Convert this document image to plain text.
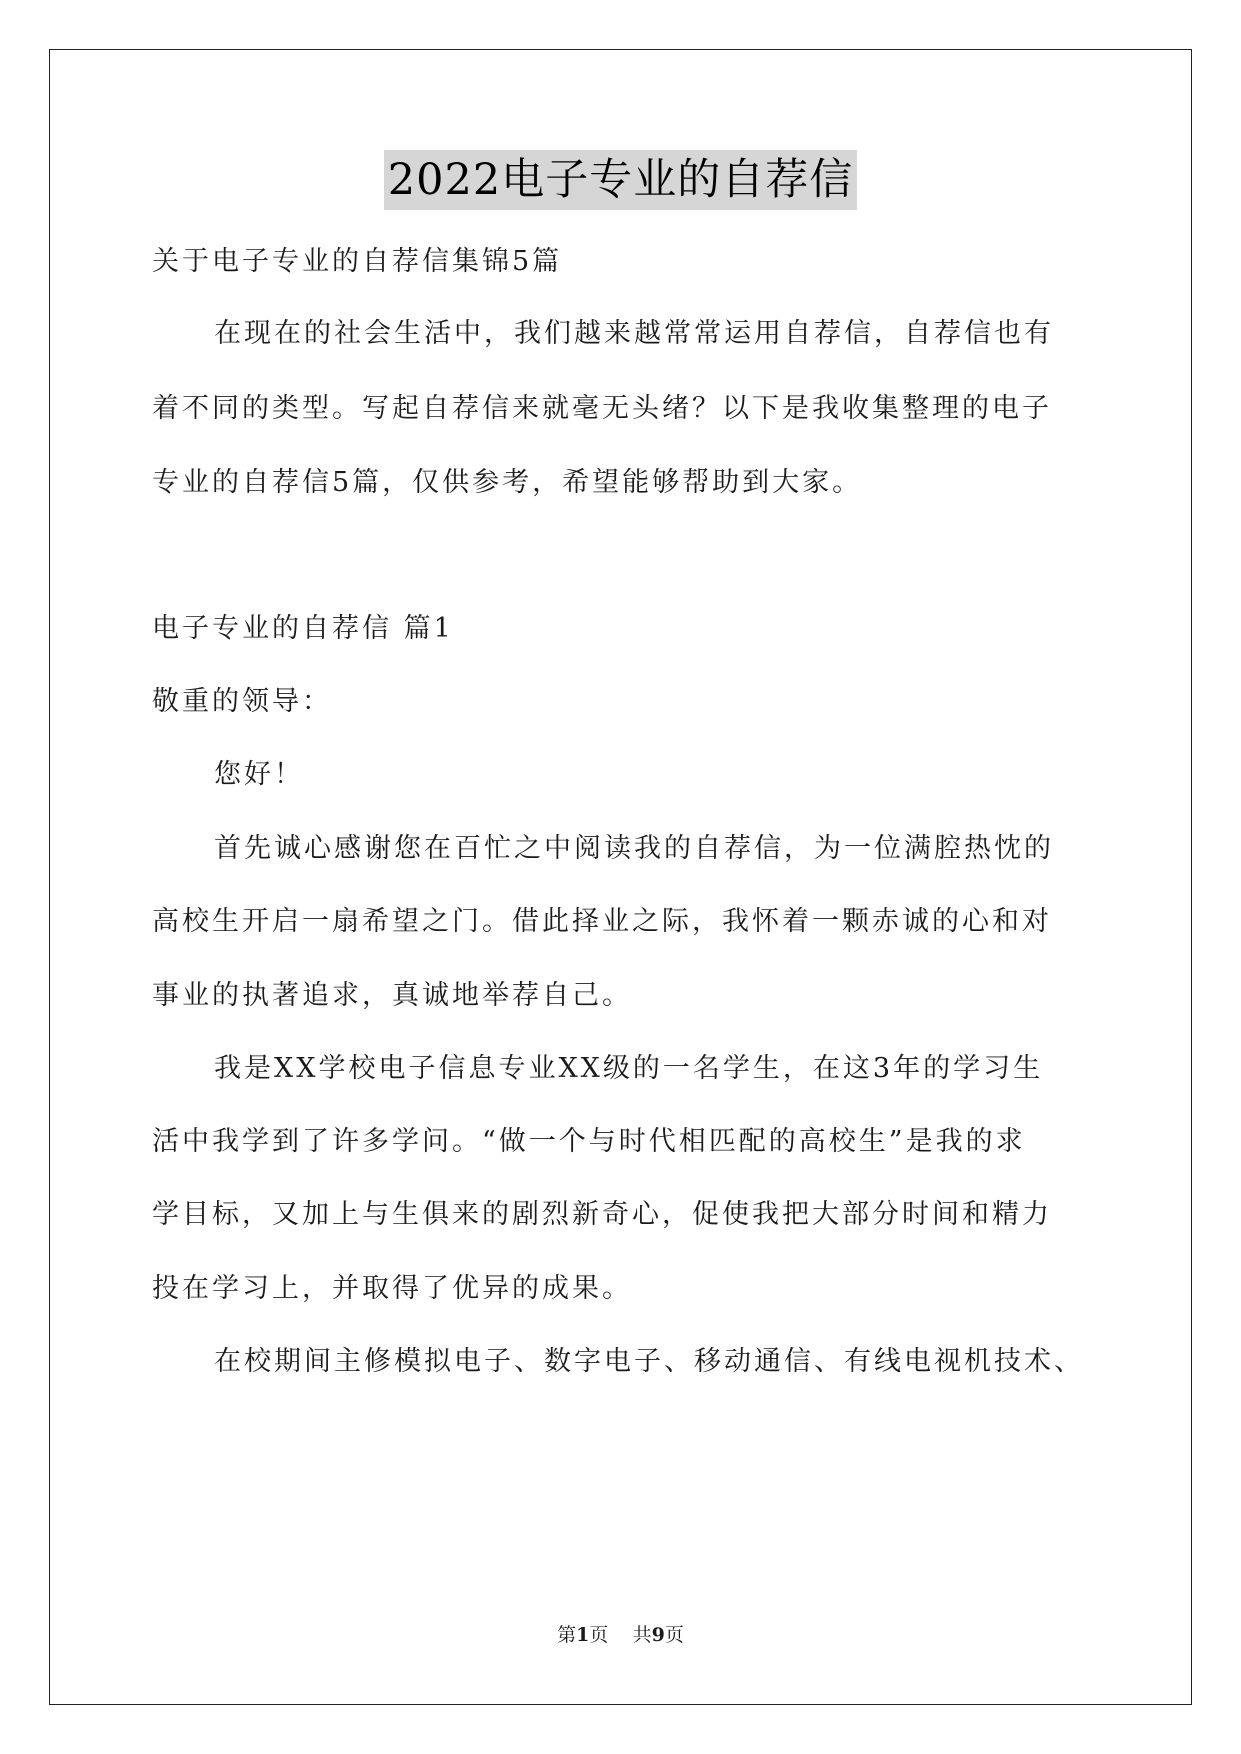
2022电子专业的自荐信
关于电子专业的自荐信集锦5篇
在现在的社会生活中，我们越来越常常运用自荐信，自荐信也有
着不同的类型。写起自荐信来就毫无头绪？以下是我收集整理的电子
专业的自荐信5篇，仅供参考，希望能够帮助到大家。
电子专业的自荐信 篇1
敬重的领导：
您好！
首先诚心感谢您在百忙之中阅读我的自荐信，为一位满腔热忱的
高校生开启一扇希望之门。借此择业之际，我怀着一颗赤诚的心和对
事业的执著追求，真诚地举荐自己。
我是XX学校电子信息专业XX级的一名学生，在这3年的学习生
活中我学到了许多学问。“做一个与时代相匹配的高校生”是我的求
学目标，又加上与生俱来的剧烈新奇心，促使我把大部分时间和精力
投在学习上，并取得了优异的成果。
在校期间主修模拟电子、数字电子、移动通信、有线电视机技术、
第1页 共9页
